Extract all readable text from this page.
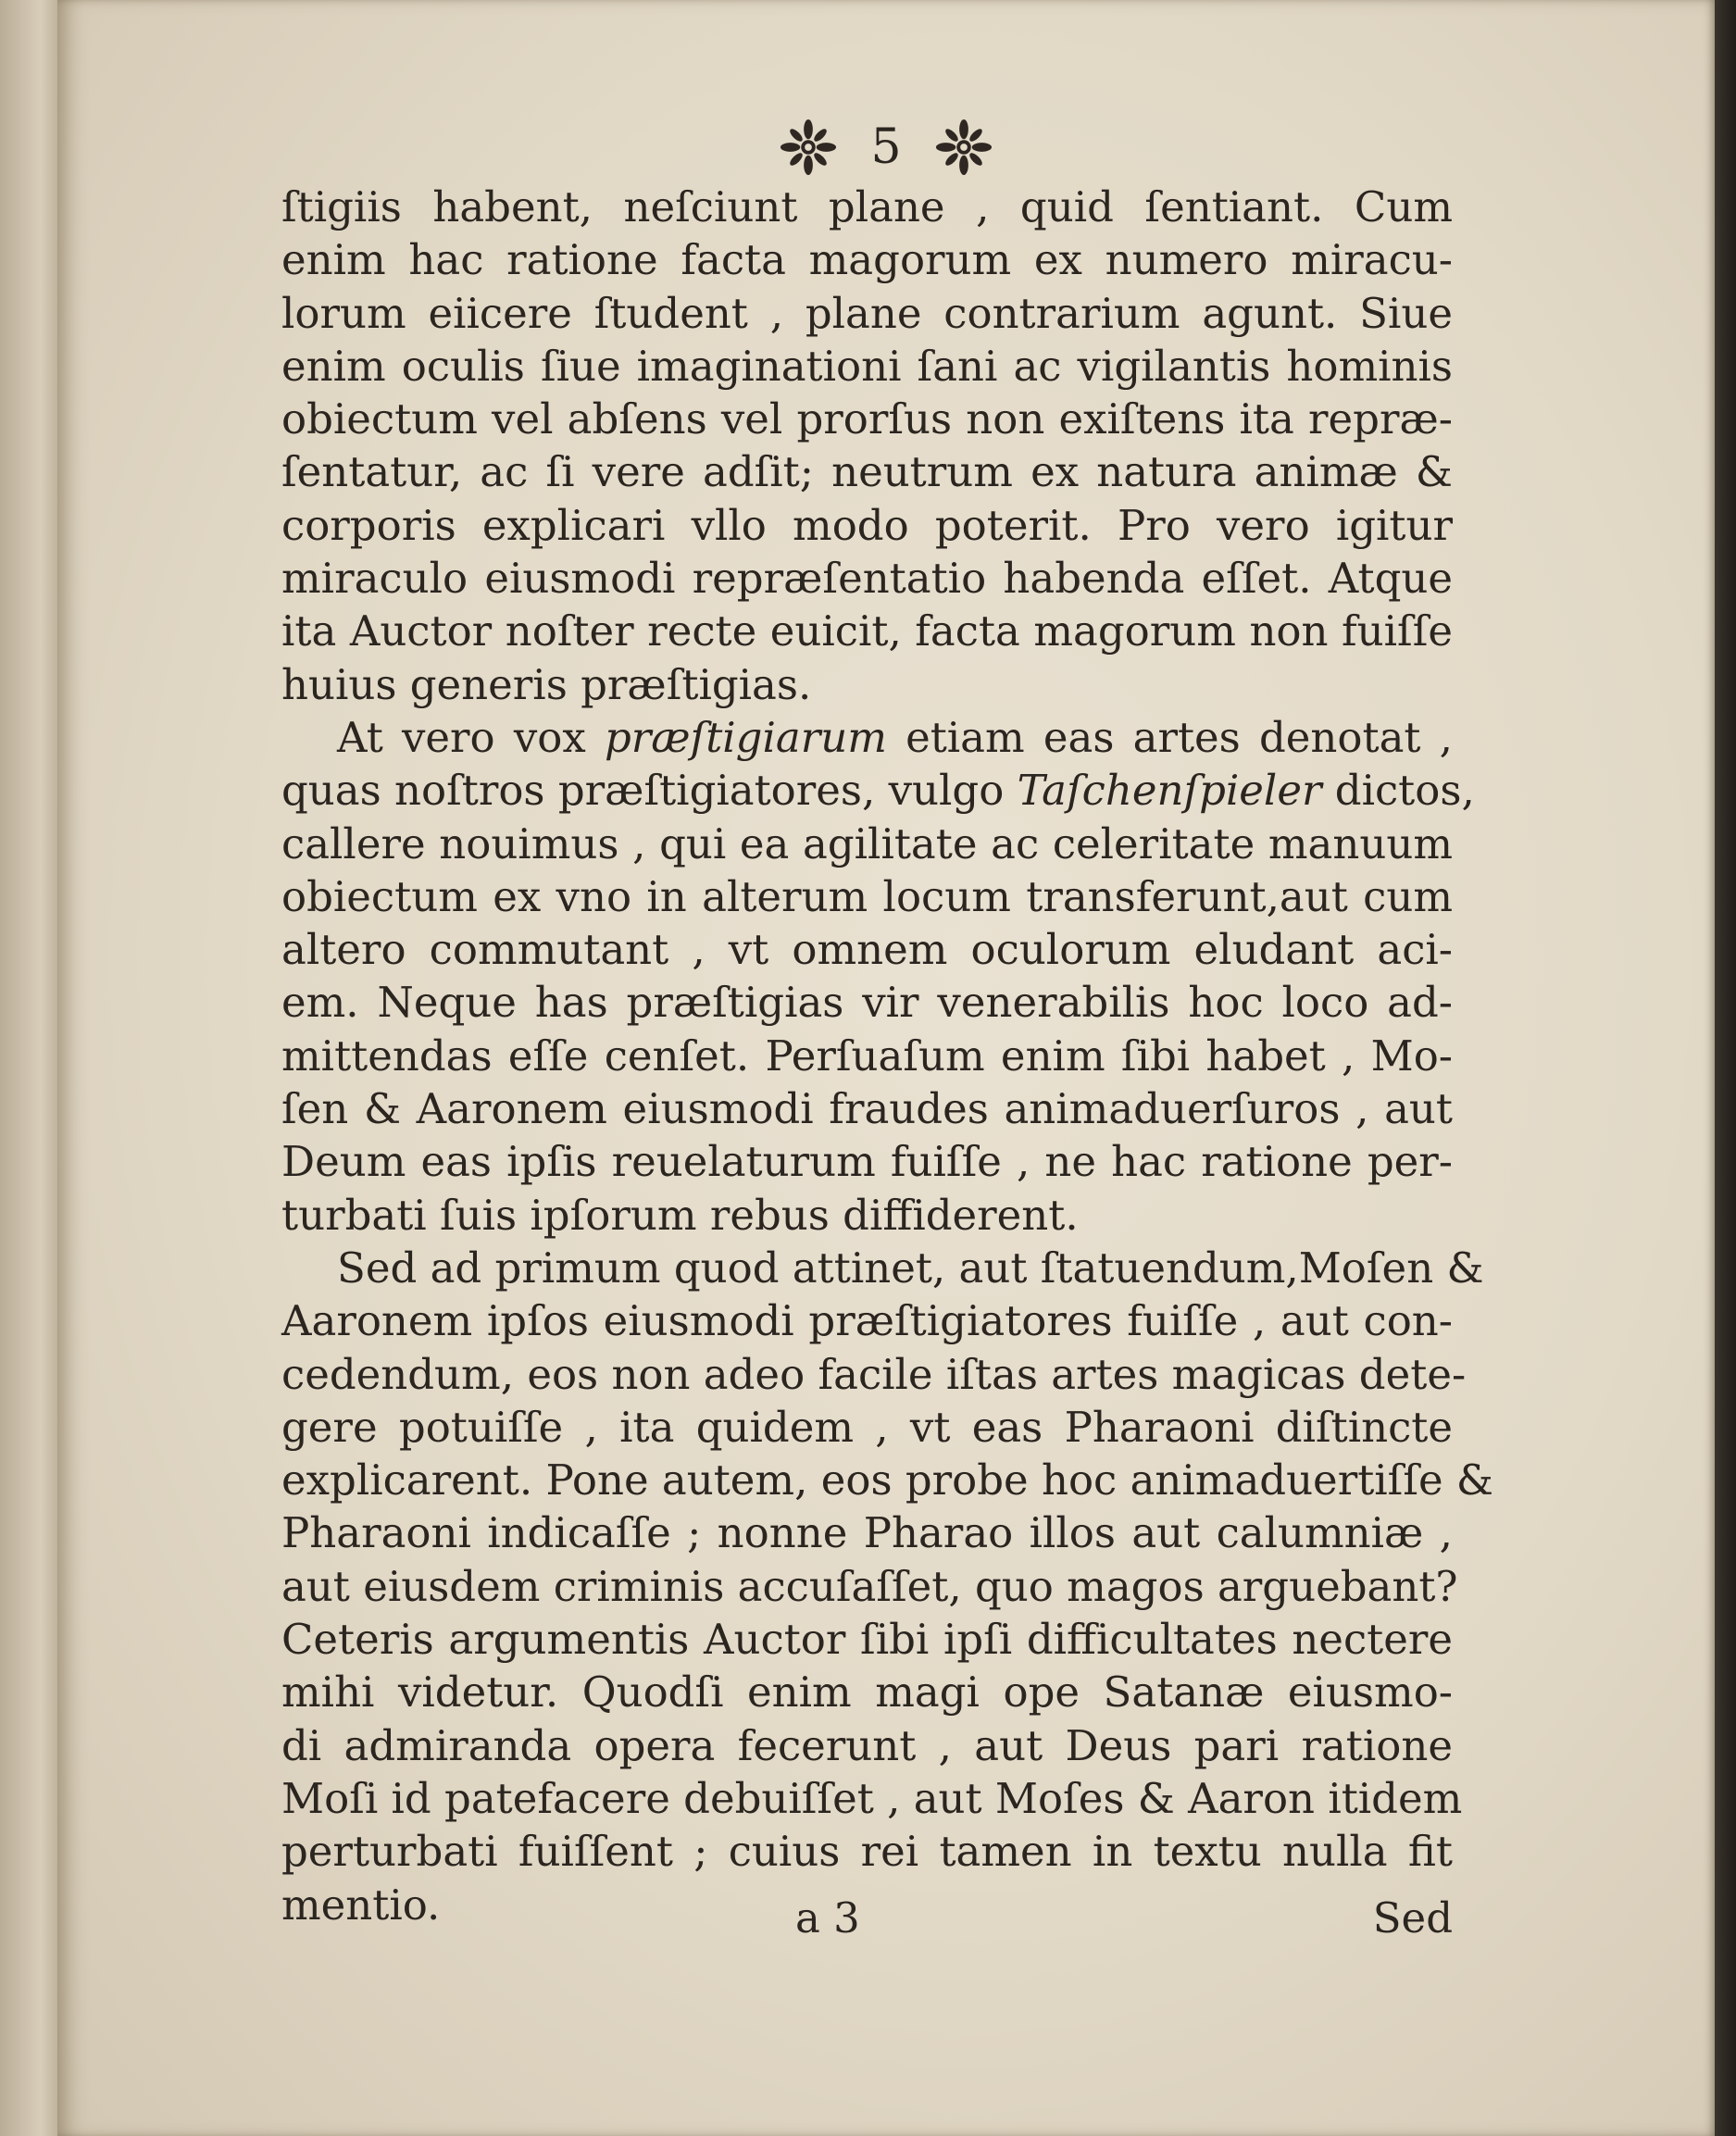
5
ſtigiis habent, neſciunt plane , quid ſentiant. Cum
enim hac ratione facta magorum ex numero miracu-
lorum eiicere ſtudent , plane contrarium agunt. Siue
enim oculis ſiue imaginationi ſani ac vigilantis hominis
obiectum vel abſens vel prorſus non exiſtens ita repræ-
ſentatur, ac ſi vere adſit; neutrum ex natura animæ &
corporis explicari vllo modo poterit. Pro vero igitur
miraculo eiusmodi repræſentatio habenda eſſet. Atque
ita Auctor noſter recte euicit, facta magorum non fuiſſe
huius generis præſtigias.
At vero vox præſtigiarum etiam eas artes denotat ,
quas noſtros præſtigiatores, vulgo Taſchenſpieler dictos,
callere nouimus , qui ea agilitate ac celeritate manuum
obiectum ex vno in alterum locum transferunt,aut cum
altero commutant , vt omnem oculorum eludant aci-
em. Neque has præſtigias vir venerabilis hoc loco ad-
mittendas eſſe cenſet. Perſuaſum enim ſibi habet , Mo-
ſen & Aaronem eiusmodi fraudes animaduerſuros , aut
Deum eas ipſis reuelaturum fuiſſe , ne hac ratione per-
turbati ſuis ipſorum rebus diffiderent.
Sed ad primum quod attinet, aut ſtatuendum,Moſen &
Aaronem ipſos eiusmodi præſtigiatores fuiſſe , aut con-
cedendum, eos non adeo facile iſtas artes magicas dete-
gere potuiſſe , ita quidem , vt eas Pharaoni diſtincte
explicarent. Pone autem, eos probe hoc animaduertiſſe &
Pharaoni indicaſſe ; nonne Pharao illos aut calumniæ ,
aut eiusdem criminis accuſaſſet, quo magos arguebant?
Ceteris argumentis Auctor ſibi ipſi difficultates nectere
mihi videtur. Quodſi enim magi ope Satanæ eiusmo-
di admiranda opera fecerunt , aut Deus pari ratione
Moſi id patefacere debuiſſet , aut Moſes & Aaron itidem
perturbati fuiſſent ; cuius rei tamen in textu nulla fit
mentio.	a 3	Sed
